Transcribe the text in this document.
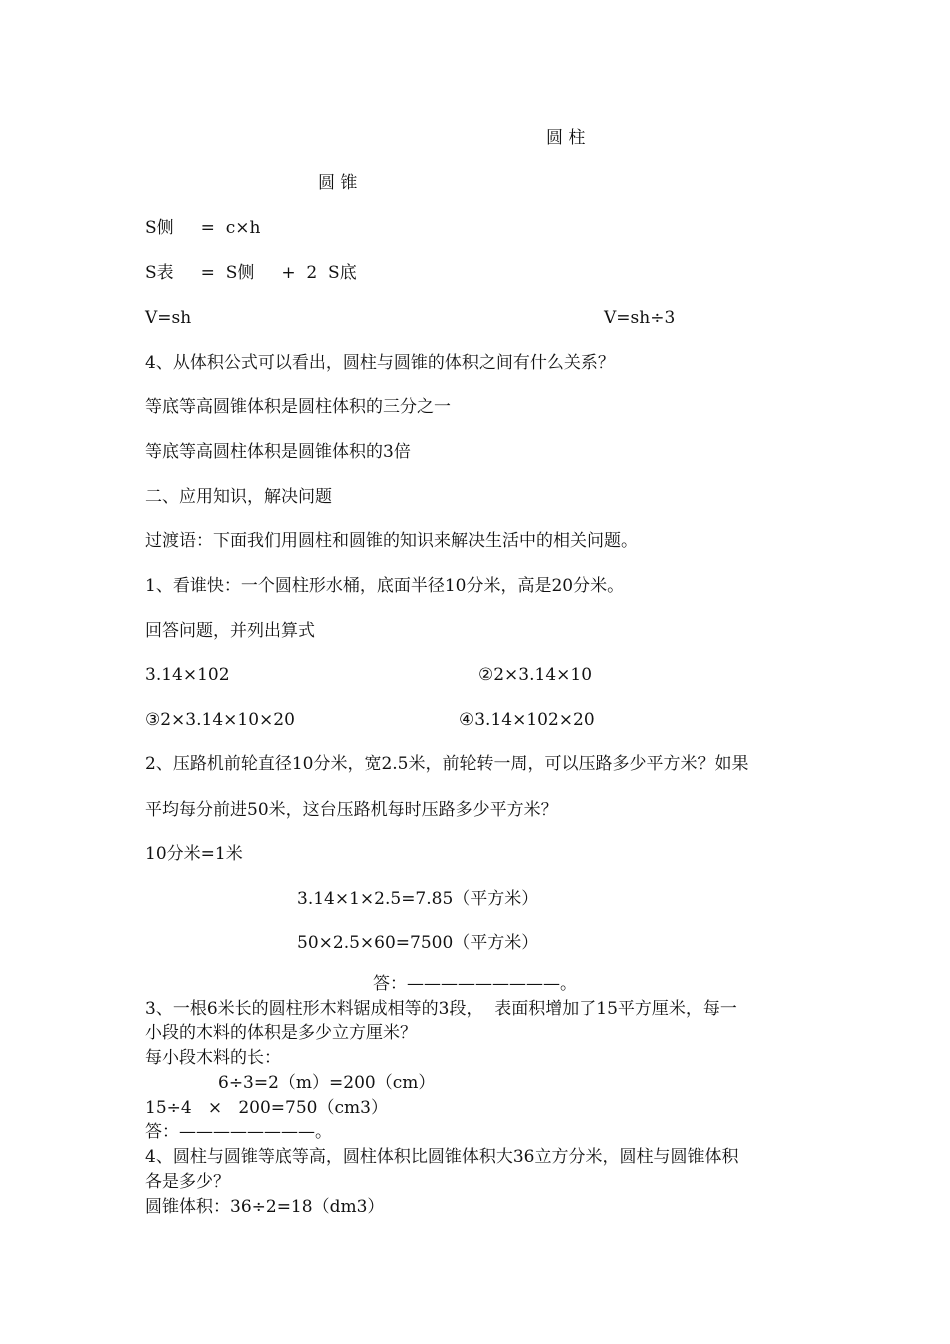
圆 柱
圆 锥
S侧     =  c×h
S表     =  S侧     +  2  S底
V=sh	V=sh÷3
4、从体积公式可以看出，圆柱与圆锥的体积之间有什么关系？
等底等高圆锥体积是圆柱体积的三分之一
等底等高圆柱体积是圆锥体积的3倍
二、应用知识，解决问题
过渡语：下面我们用圆柱和圆锥的知识来解决生活中的相关问题。
1、看谁快：一个圆柱形水桶，底面半径10分米，高是20分米。
回答问题，并列出算式
3.14×102	②2×3.14×10
③2×3.14×10×20	④3.14×102×20
2、压路机前轮直径10分米，宽2.5米，前轮转一周，可以压路多少平方米？如果
平均每分前进50米，这台压路机每时压路多少平方米？
10分米=1米
3.14×1×2.5=7.85（平方米）
50×2.5×60=7500（平方米）
答：—————————。
3、一根6米长的圆柱形木料锯成相等的3段，  表面积增加了15平方厘米，每一
小段的木料的体积是多少立方厘米？
每小段木料的长：
6÷3=2（m）=200（cm）
15÷4   ×   200=750（cm3）
答：————————。
4、圆柱与圆锥等底等高，圆柱体积比圆锥体积大36立方分米，圆柱与圆锥体积
各是多少？
圆锥体积：36÷2=18（dm3）
